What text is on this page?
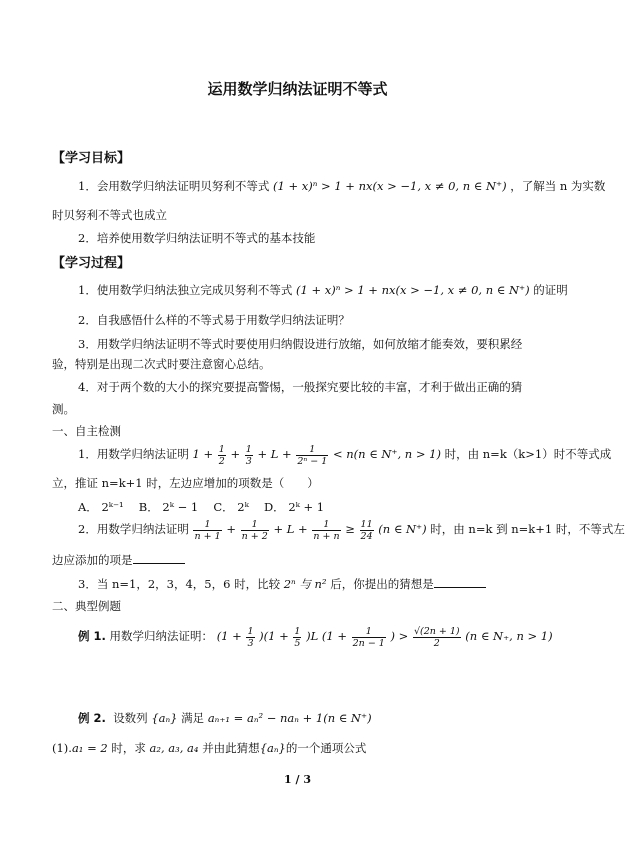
运用数学归纳法证明不等式
【学习目标】
1．会用数学归纳法证明贝努利不等式 (1 + x)ⁿ > 1 + nx(x > −1, x ≠ 0, n ∈ N⁺) ，了解当 n 为实数
时贝努利不等式也成立
2．培养使用数学归纳法证明不等式的基本技能
【学习过程】
1．使用数学归纳法独立完成贝努利不等式 (1 + x)ⁿ > 1 + nx(x > −1, x ≠ 0, n ∈ N⁺) 的证明
2．自我感悟什么样的不等式易于用数学归纳法证明？
3．用数学归纳法证明不等式时要使用归纳假设进行放缩，如何放缩才能奏效，要积累经
验，特别是出现二次式时要注意窗心总结。
4．对于两个数的大小的探究要提高警惕，一般探究要比较的丰富，才利于做出正确的猜
测。
一、自主检测
1．用数学归纳法证明 $1 + \frac{1}{2} + \frac{1}{3} + L + \frac{1}{\text{2ⁿ − 1}} < n(n$ ∈ N⁺, n > 1) 时，由 n=k（k>1）时不等式成
立，推证 n=k+1 时，左边应增加的项数是（　　）
A． 2ᵏ⁻¹　 B． 2ᵏ − 1　 C． 2ᵏ　 D． 2ᵏ + 1
2．用数学归纳法证明 $\frac{1}{n + 1} + \frac{1}{n + 2} + L + \frac{1}{n + n} \ge \frac{11}{24} (n$ ∈ N⁺) 时，由 n=k 到 n=k+1 时，不等式左
边应添加的项是
3．当 n=1，2，3，4，5，6 时，比较 2ⁿ 与 n² 后，你提出的猜想是
二、典型例题
例 1. 用数学归纳法证明： $(1 + \frac{1}{3} )(1 + \frac{1}{5} )L$ ($1 + \frac{1}{2n - 1}$ ) > $\frac{√(2n + 1)}{2} (n$ ∈ N₊, n > 1)
例 2. 设数列 {aₙ} 满足 aₙ₊₁ = aₙ² − naₙ + 1(n ∈ N⁺)
(1).a₁ = 2 时，求 a₂, a₃, a₄ 并由此猜想{aₙ}的一个通项公式
1 / 3
